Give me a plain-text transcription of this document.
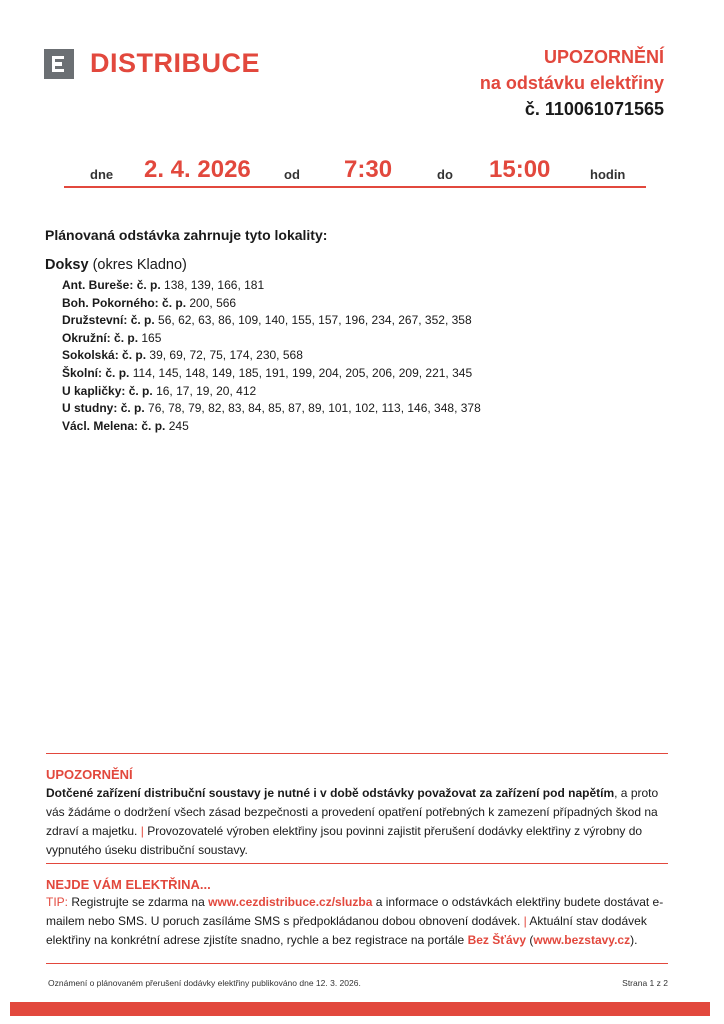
DISTRIBUCE	UPOZORNĚNÍ
na odstávku elektřiny
č. 110061071565
dne 2. 4. 2026	od 7:30	do 15:00	hodin
Plánovaná odstávka zahrnuje tyto lokality:
Doksy (okres Kladno)
Ant. Bureše: č. p. 138, 139, 166, 181
Boh. Pokorného: č. p. 200, 566
Družstevní: č. p. 56, 62, 63, 86, 109, 140, 155, 157, 196, 234, 267, 352, 358
Okružní: č. p. 165
Sokolská: č. p. 39, 69, 72, 75, 174, 230, 568
Školní: č. p. 114, 145, 148, 149, 185, 191, 199, 204, 205, 206, 209, 221, 345
U kapličky: č. p. 16, 17, 19, 20, 412
U studny: č. p. 76, 78, 79, 82, 83, 84, 85, 87, 89, 101, 102, 113, 146, 348, 378
Václ. Melena: č. p. 245
UPOZORNĚNÍ
Dotčené zařízení distribuční soustavy je nutné i v době odstávky považovat za zařízení pod napětím, a proto vás žádáme o dodržení všech zásad bezpečnosti a provedení opatření potřebných k zamezení případných škod na zdraví a majetku. | Provozovatelé výroben elektřiny jsou povinni zajistit přerušení dodávky elektřiny z výrobny do vypnutého úseku distribuční soustavy.
NEJDE VÁM ELEKTŘINA...
TIP: Registrujte se zdarma na www.cezdistribuce.cz/sluzba a informace o odstávkách elektřiny budete dostávat e-mailem nebo SMS. U poruch zasíláme SMS s předpokládanou dobou obnovení dodávek. | Aktuální stav dodávek elektřiny na konkrétní adrese zjistíte snadno, rychle a bez registrace na portále Bez Šťávy (www.bezstavy.cz).
Oznámení o plánovaném přerušení dodávky elektřiny publikováno dne 12. 3. 2026.	Strana 1 z 2
